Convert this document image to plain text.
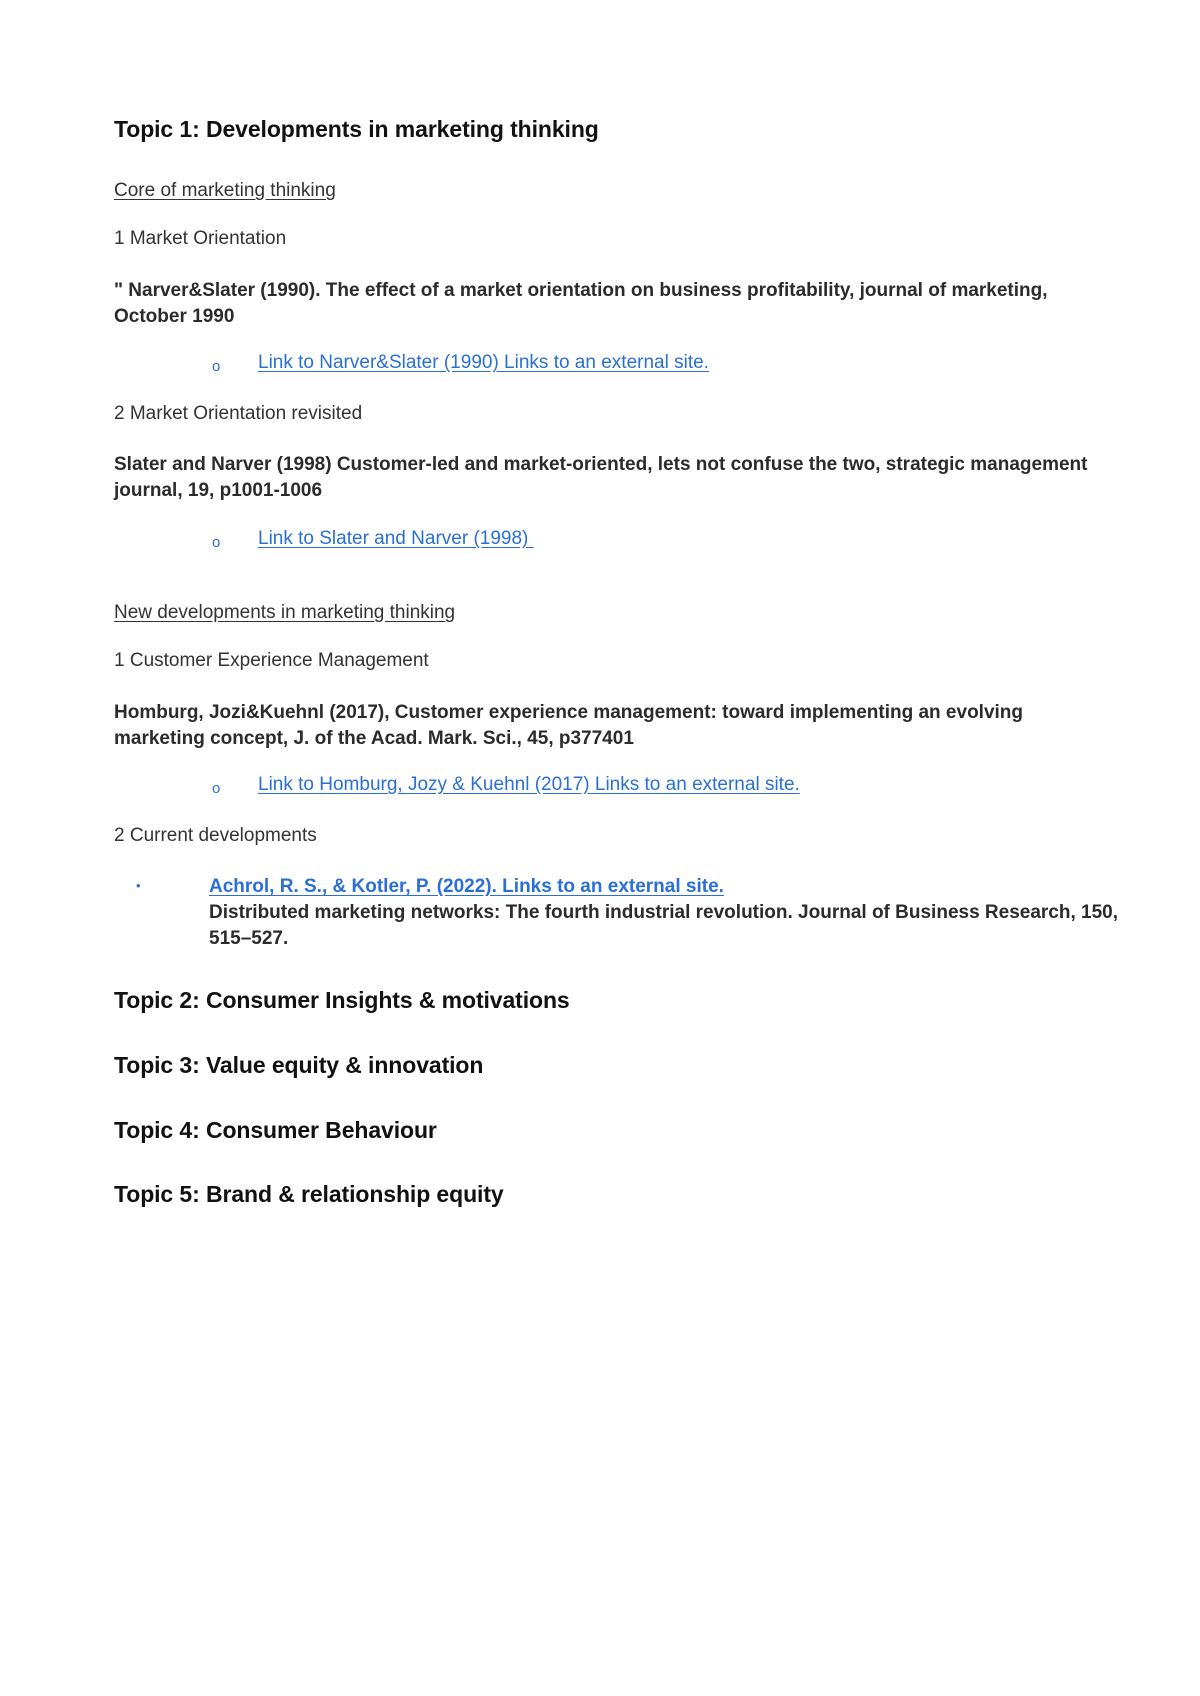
Topic 1: Developments in marketing thinking
Core of marketing thinking
1 Market Orientation
" Narver&Slater (1990). The effect of a market orientation on business profitability, journal of marketing, October 1990
o Link to Narver&Slater (1990) Links to an external site.
2 Market Orientation revisited
Slater and Narver (1998) Customer-led and market-oriented, lets not confuse the two, strategic management journal, 19, p1001-1006
o Link to Slater and Narver (1998)
New developments in marketing thinking
1 Customer Experience Management
Homburg, Jozi&Kuehnl (2017), Customer experience management: toward implementing an evolving marketing concept, J. of the Acad. Mark. Sci., 45, p377401
o Link to Homburg, Jozy & Kuehnl (2017) Links to an external site.
2 Current developments
•	Achrol, R. S., & Kotler, P. (2022). Links to an external site.
Distributed marketing networks: The fourth industrial revolution. Journal of Business Research, 150, 515–527.
Topic 2: Consumer Insights & motivations
Topic 3: Value equity & innovation
Topic 4: Consumer Behaviour
Topic 5: Brand & relationship equity
